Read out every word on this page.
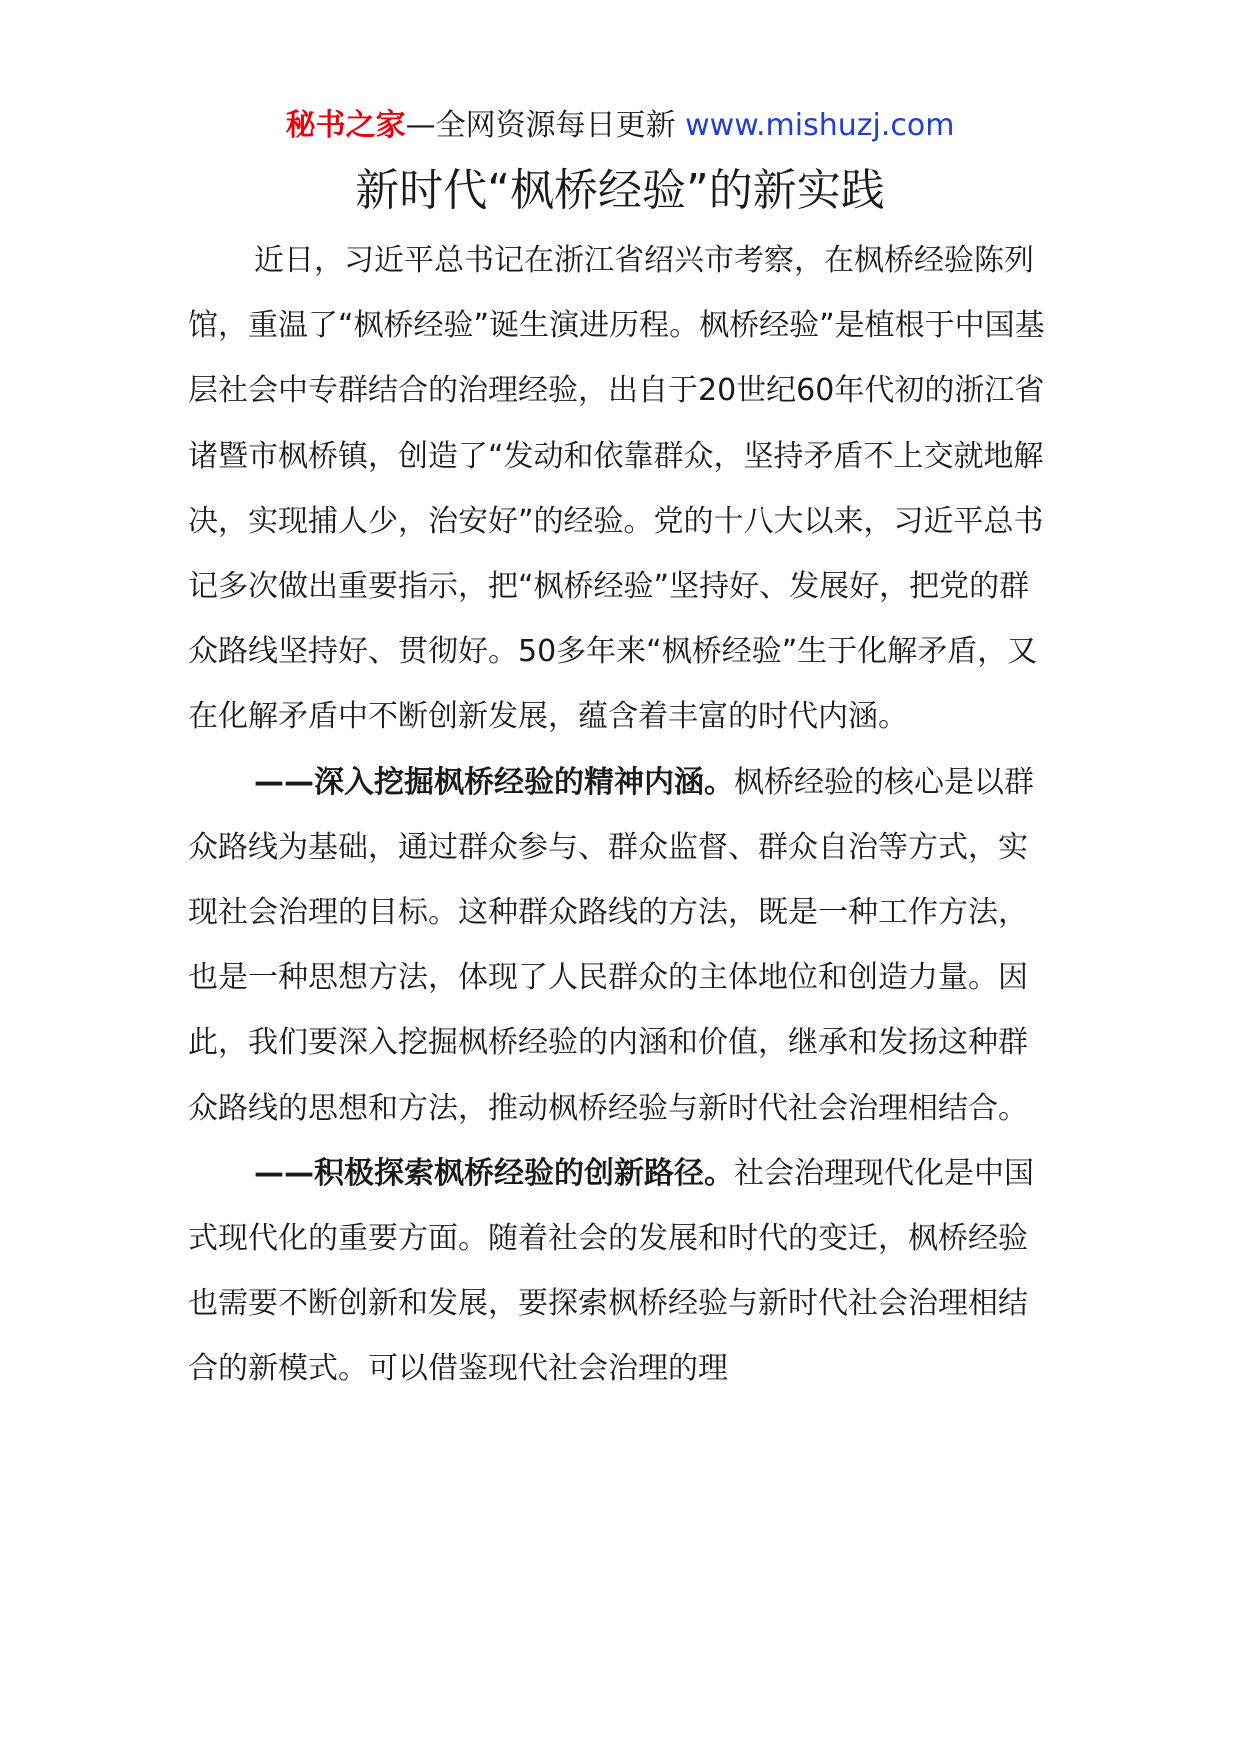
秘书之家—全网资源每日更新 www.mishuzj.com
新时代“枫桥经验”的新实践

近日，习近平总书记在浙江省绍兴市考察，在枫桥经验陈列馆，重温了“枫桥经验”诞生演进历程。枫桥经验”是植根于中国基层社会中专群结合的治理经验，出自于20世纪60年代初的浙江省诸暨市枫桥镇，创造了“发动和依靠群众，坚持矛盾不上交就地解决，实现捕人少，治安好”的经验。党的十八大以来，习近平总书记多次做出重要指示，把“枫桥经验”坚持好、发展好，把党的群众路线坚持好、贯彻好。50多年来“枫桥经验”生于化解矛盾，又在化解矛盾中不断创新发展，蕴含着丰富的时代内涵。

——深入挖掘枫桥经验的精神内涵。枫桥经验的核心是以群众路线为基础，通过群众参与、群众监督、群众自治等方式，实现社会治理的目标。这种群众路线的方法，既是一种工作方法，也是一种思想方法，体现了人民群众的主体地位和创造力量。因此，我们要深入挖掘枫桥经验的内涵和价值，继承和发扬这种群众路线的思想和方法，推动枫桥经验与新时代社会治理相结合。

——积极探索枫桥经验的创新路径。社会治理现代化是中国式现代化的重要方面。随着社会的发展和时代的变迁，枫桥经验也需要不断创新和发展，要探索枫桥经验与新时代社会治理相结合的新模式。可以借鉴现代社会治理的理
